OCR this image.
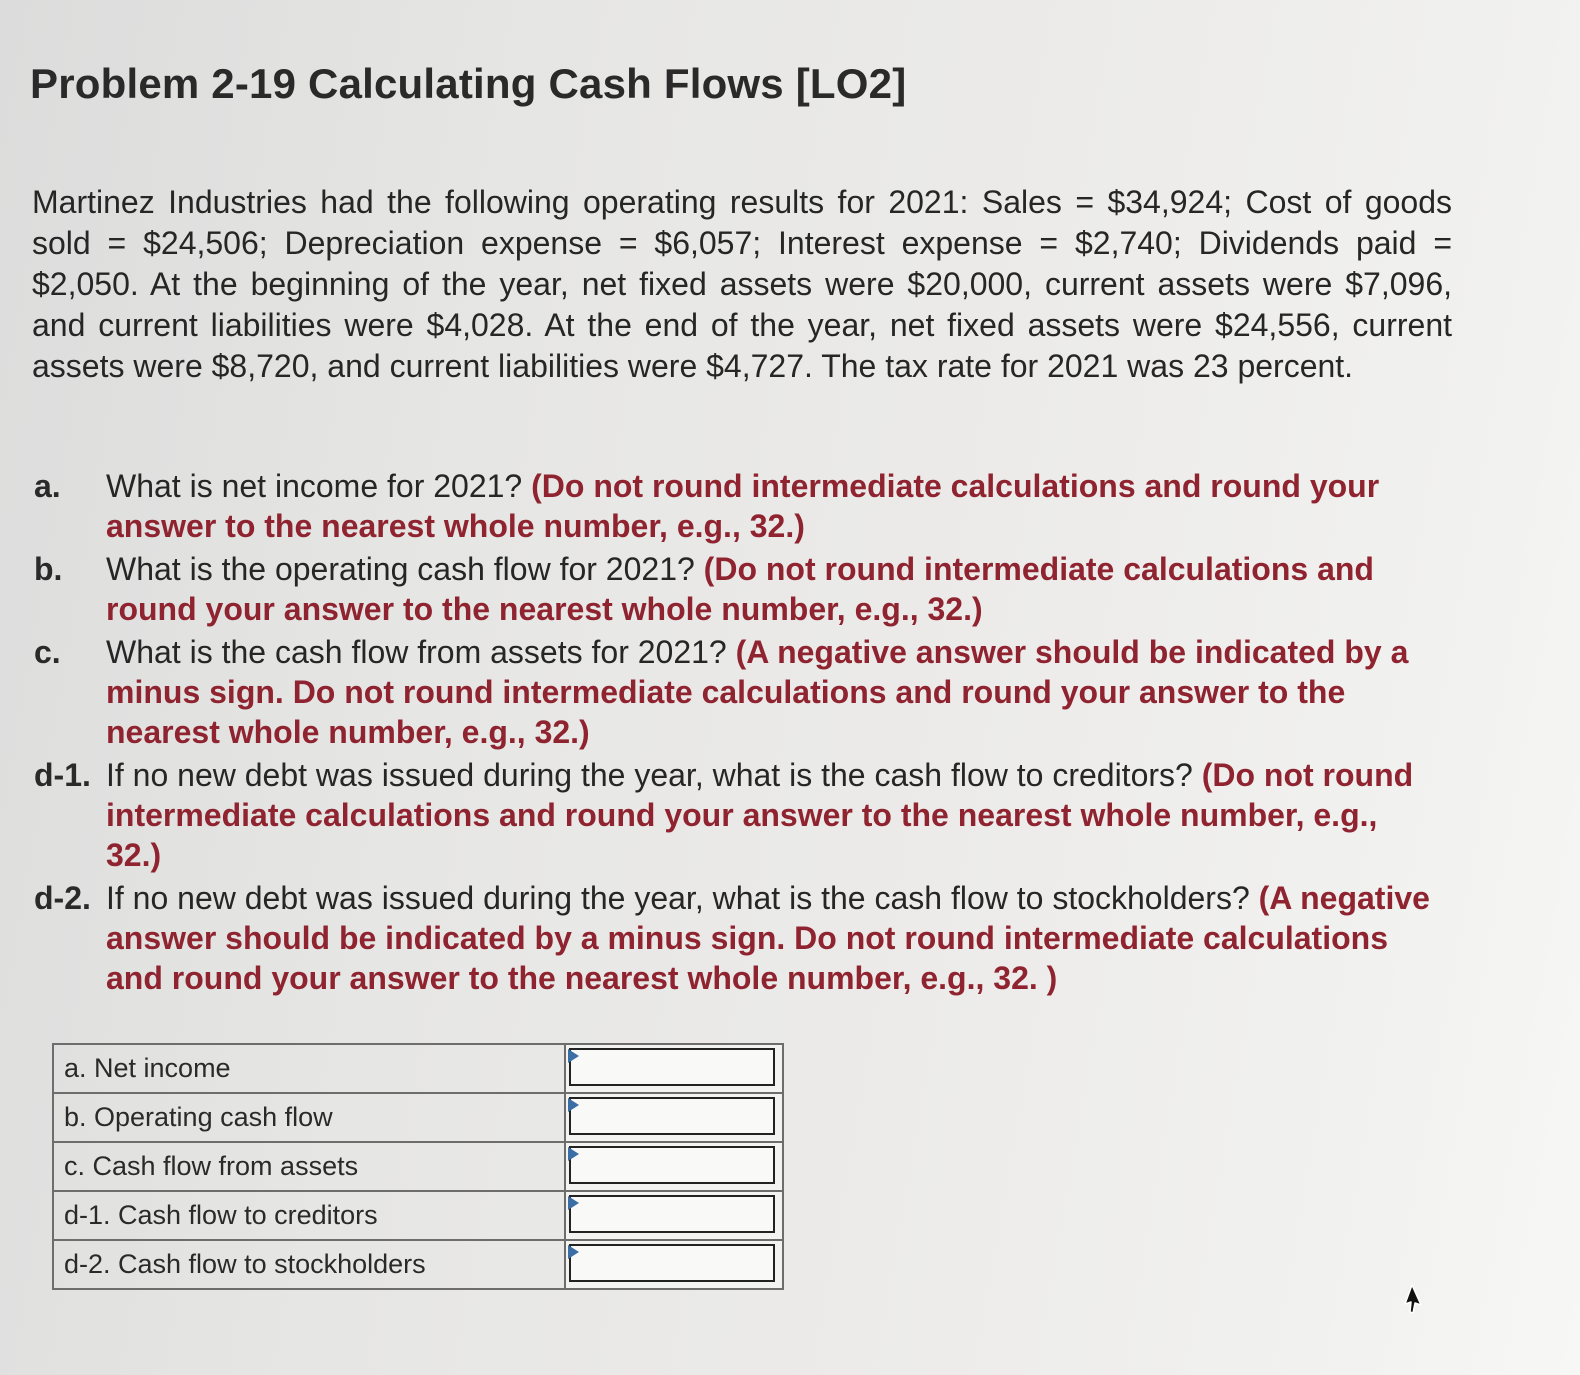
Problem 2-19 Calculating Cash Flows [LO2]

Martinez Industries had the following operating results for 2021: Sales = $34,924; Cost of goods sold = $24,506; Depreciation expense = $6,057; Interest expense = $2,740; Dividends paid = $2,050. At the beginning of the year, net fixed assets were $20,000, current assets were $7,096, and current liabilities were $4,028. At the end of the year, net fixed assets were $24,556, current assets were $8,720, and current liabilities were $4,727. The tax rate for 2021 was 23 percent.

a.	What is net income for 2021? (Do not round intermediate calculations and round your answer to the nearest whole number, e.g., 32.)
b.	What is the operating cash flow for 2021? (Do not round intermediate calculations and round your answer to the nearest whole number, e.g., 32.)
c.	What is the cash flow from assets for 2021? (A negative answer should be indicated by a minus sign. Do not round intermediate calculations and round your answer to the nearest whole number, e.g., 32.)
d-1. If no new debt was issued during the year, what is the cash flow to creditors? (Do not round intermediate calculations and round your answer to the nearest whole number, e.g., 32.)
d-2. If no new debt was issued during the year, what is the cash flow to stockholders? (A negative answer should be indicated by a minus sign. Do not round intermediate calculations and round your answer to the nearest whole number, e.g., 32. )
a. Net income	

b. Operating cash flow	

c. Cash flow from assets	

d-1. Cash flow to creditors	

d-2. Cash flow to stockholders	
